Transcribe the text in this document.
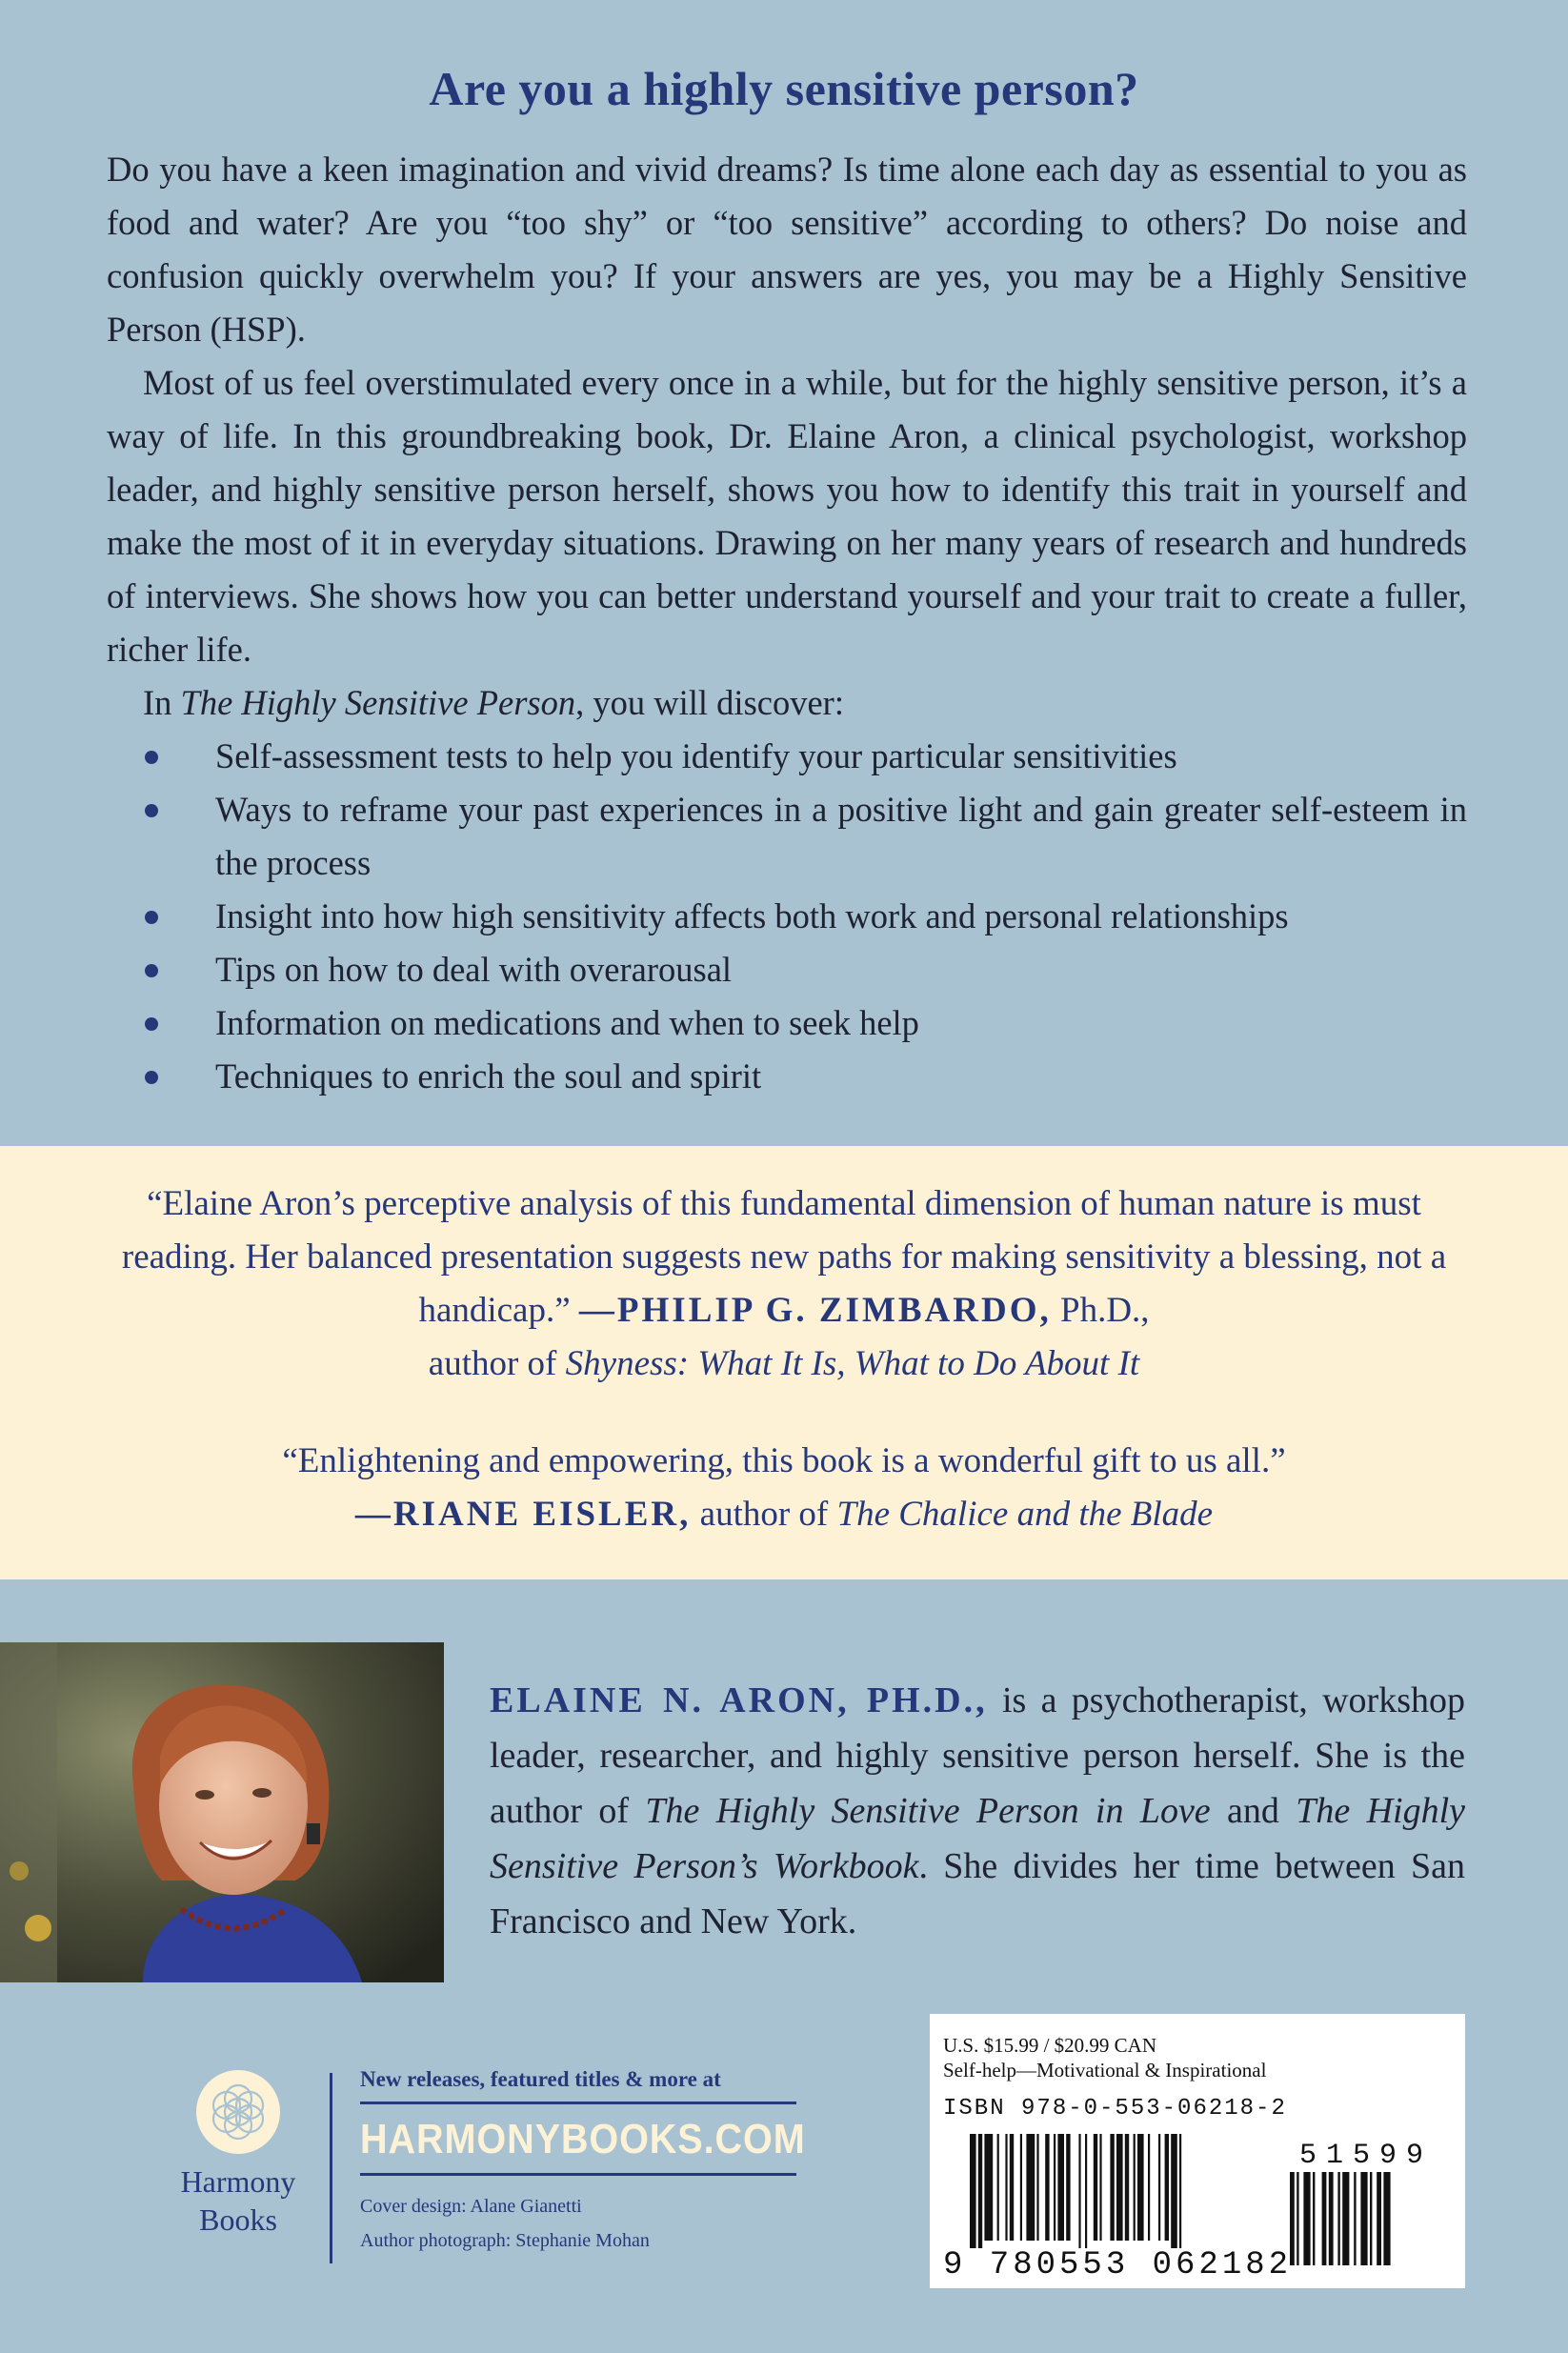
Are you a highly sensitive person?

Do you have a keen imagination and vivid dreams? Is time alone each day as essential to you as food and water? Are you “too shy” or “too sensitive” according to others? Do noise and confusion quickly overwhelm you? If your answers are yes, you may be a Highly Sensitive Person (HSP).

Most of us feel overstimulated every once in a while, but for the highly sensitive person, it’s a way of life. In this groundbreaking book, Dr. Elaine Aron, a clinical psychologist, workshop leader, and highly sensitive person herself, shows you how to identify this trait in yourself and make the most of it in everyday situations. Drawing on her many years of research and hundreds of interviews. She shows how you can better understand yourself and your trait to create a fuller, richer life.

In The Highly Sensitive Person, you will discover:

Self-assessment tests to help you identify your particular sensitivities
Ways to reframe your past experiences in a positive light and gain greater self-esteem in the process
Insight into how high sensitivity affects both work and personal relationships
Tips on how to deal with overarousal
Information on medications and when to seek help
Techniques to enrich the soul and spirit
“Elaine Aron’s perceptive analysis of this fundamental dimension of human nature is must reading. Her balanced presentation suggests new paths for making sensitivity a blessing, not a handicap.” —PHILIP G. ZIMBARDO, Ph.D.,
author of Shyness: What It Is, What to Do About It
“Enlightening and empowering, this book is a wonderful gift to us all.”
—RIANE EISLER, author of The Chalice and the Blade
ELAINE N. ARON, PH.D., is a psychotherapist, workshop leader, researcher, and highly sensitive person herself. She is the author of The Highly Sensitive Person in Love and The Highly Sensitive Person’s Workbook. She divides her time between San Francisco and New York.
Harmony
Books
New releases, featured titles & more at
HARMONYBOOKS.COM
Cover design: Alane Gianetti
Author photograph: Stephanie Mohan
U.S. $15.99 / $20.99 CAN
Self-help—Motivational & Inspirational
ISBN 978-0-553-06218-2
9 780553 062182
51599
